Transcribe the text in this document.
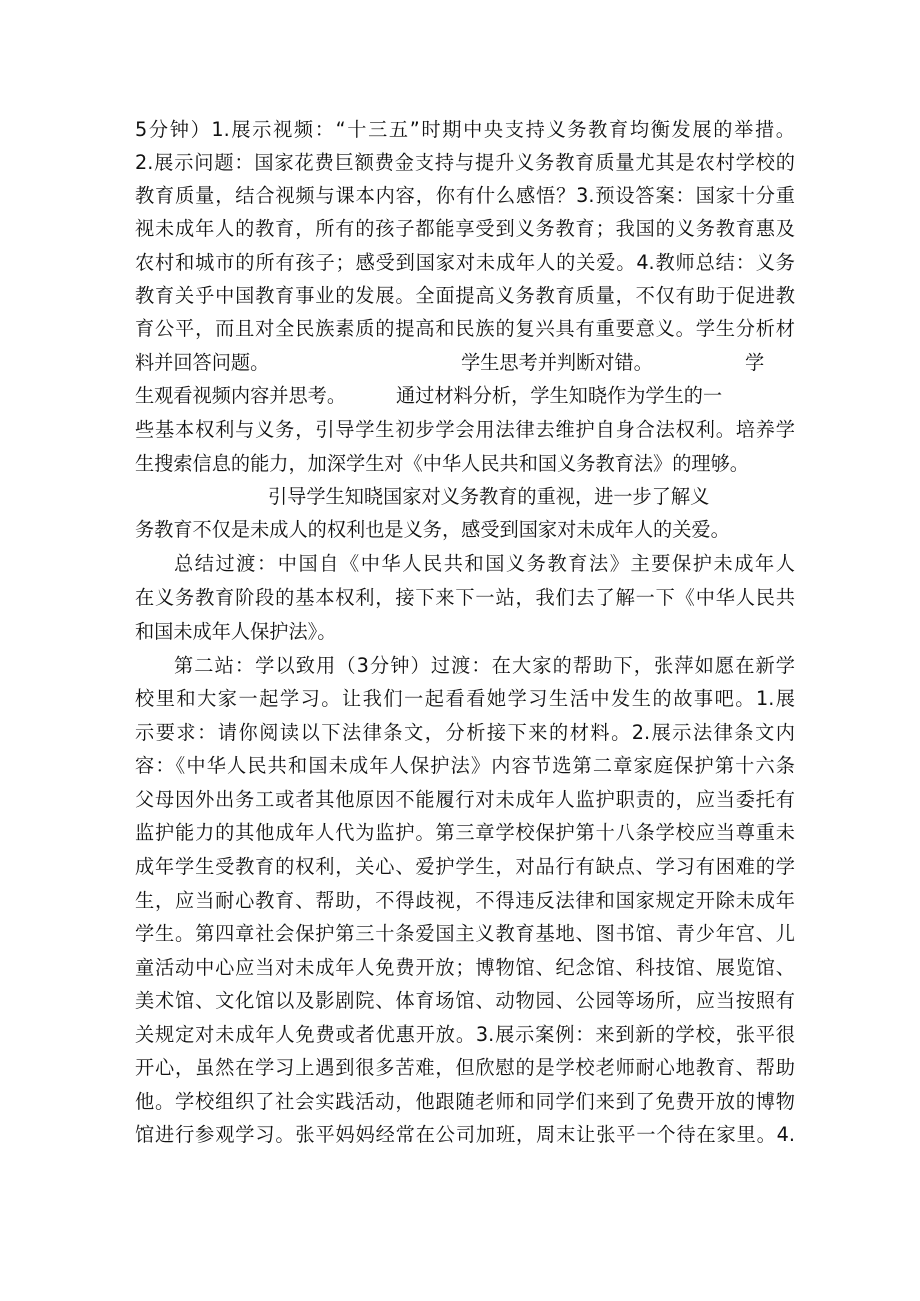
5分钟）1.展示视频：“十三五”时期中央支持义务教育均衡发展的举措。
2.展示问题：国家花费巨额费金支持与提升义务教育质量尤其是农村学校的
教育质量，结合视频与课本内容，你有什么感悟？3.预设答案：国家十分重
视未成年人的教育，所有的孩子都能享受到义务教育；我国的义务教育惠及
农村和城市的所有孩子；感受到国家对未成年人的关爱。4.教师总结：义务
教育关乎中国教育事业的发展。全面提高义务教育质量，不仅有助于促进教
育公平，而且对全民族素质的提高和民族的复兴具有重要意义。学生分析材
料并回答问题。	学生思考并判断对错。	学
生观看视频内容并思考。	通过材料分析，学生知晓作为学生的一
些基本权利与义务，引导学生初步学会用法律去维护自身合法权利。培养学
生搜索信息的能力，加深学生对《中华人民共和国义务教育法》的理够。
引导学生知晓国家对义务教育的重视，进一步了解义
务教育不仅是未成人的权利也是义务，感受到国家对未成年人的关爱。
总结过渡：中国自《中华人民共和国义务教育法》主要保护未成年人
在义务教育阶段的基本权利，接下来下一站，我们去了解一下《中华人民共
和国未成年人保护法》。
第二站：学以致用（3分钟）过渡：在大家的帮助下，张萍如愿在新学
校里和大家一起学习。让我们一起看看她学习生活中发生的故事吧。1.展
示要求：请你阅读以下法律条文，分析接下来的材料。2.展示法律条文内
容：《中华人民共和国未成年人保护法》内容节选第二章家庭保护第十六条
父母因外出务工或者其他原因不能履行对未成年人监护职责的，应当委托有
监护能力的其他成年人代为监护。第三章学校保护第十八条学校应当尊重未
成年学生受教育的权利，关心、爱护学生，对品行有缺点、学习有困难的学
生，应当耐心教育、帮助，不得歧视，不得违反法律和国家规定开除未成年
学生。第四章社会保护第三十条爱国主义教育基地、图书馆、青少年宫、儿
童活动中心应当对未成年人免费开放；博物馆、纪念馆、科技馆、展览馆、
美术馆、文化馆以及影剧院、体育场馆、动物园、公园等场所，应当按照有
关规定对未成年人免费或者优惠开放。3.展示案例：来到新的学校，张平很
开心，虽然在学习上遇到很多苦难，但欣慰的是学校老师耐心地教育、帮助
他。学校组织了社会实践活动，他跟随老师和同学们来到了免费开放的博物
馆进行参观学习。张平妈妈经常在公司加班，周末让张平一个待在家里。4.
